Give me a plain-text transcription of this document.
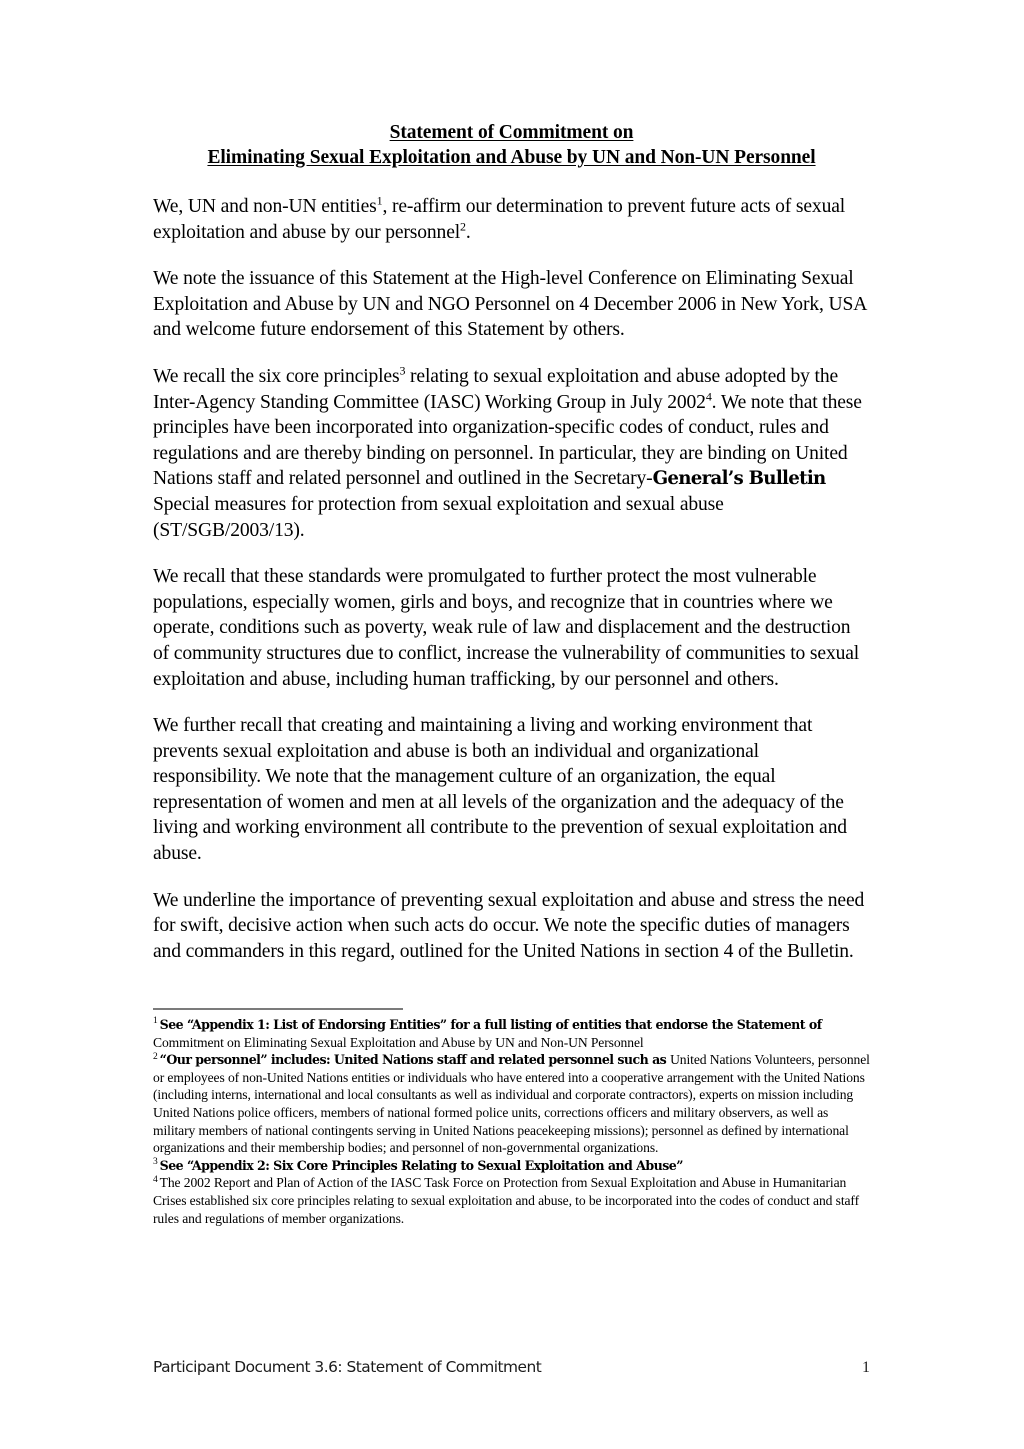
Statement of Commitment on
Eliminating Sexual Exploitation and Abuse by UN and Non-UN Personnel

We, UN and non-UN entities$^1$, re-affirm our determination to prevent future acts of sexual exploitation and abuse by our personnel$^2$.

We note the issuance of this Statement at the High-level Conference on Eliminating Sexual Exploitation and Abuse by UN and NGO Personnel on 4 December 2006 in New York, USA and welcome future endorsement of this Statement by others.

We recall the six core principles$^3$ relating to sexual exploitation and abuse adopted by the Inter-Agency Standing Committee (IASC) Working Group in July 2002$^4$. We note that these principles have been incorporated into organization-specific codes of conduct, rules and regulations and are thereby binding on personnel. In particular, they are binding on United Nations staff and related personnel and outlined in the Secretary-General’s Bulletin Special measures for protection from sexual exploitation and sexual abuse (ST/SGB/2003/13).

We recall that these standards were promulgated to further protect the most vulnerable populations, especially women, girls and boys, and recognize that in countries where we operate, conditions such as poverty, weak rule of law and displacement and the destruction of community structures due to conflict, increase the vulnerability of communities to sexual exploitation and abuse, including human trafficking, by our personnel and others.

We further recall that creating and maintaining a living and working environment that prevents sexual exploitation and abuse is both an individual and organizational responsibility. We note that the management culture of an organization, the equal representation of women and men at all levels of the organization and the adequacy of the living and working environment all contribute to the prevention of sexual exploitation and abuse.

We underline the importance of preventing sexual exploitation and abuse and stress the need for swift, decisive action when such acts do occur. We note the specific duties of managers and commanders in this regard, outlined for the United Nations in section 4 of the Bulletin.

$^1$ See “Appendix 1: List of Endorsing Entities” for a full listing of entities that endorse the Statement of Commitment on Eliminating Sexual Exploitation and Abuse by UN and Non-UN Personnel

$^2$ “Our personnel” includes: United Nations staff and related personnel such as United Nations Volunteers, personnel or employees of non-United Nations entities or individuals who have entered into a cooperative arrangement with the United Nations (including interns, international and local consultants as well as individual and corporate contractors), experts on mission including United Nations police officers, members of national formed police units, corrections officers and military observers, as well as military members of national contingents serving in United Nations peacekeeping missions); personnel as defined by international organizations and their membership bodies; and personnel of non-governmental organizations.

$^3$ See “Appendix 2: Six Core Principles Relating to Sexual Exploitation and Abuse”

$^4$ The 2002 Report and Plan of Action of the IASC Task Force on Protection from Sexual Exploitation and Abuse in Humanitarian Crises established six core principles relating to sexual exploitation and abuse, to be incorporated into the codes of conduct and staff rules and regulations of member organizations.

Participant Document 3.6: Statement of Commitment	1
